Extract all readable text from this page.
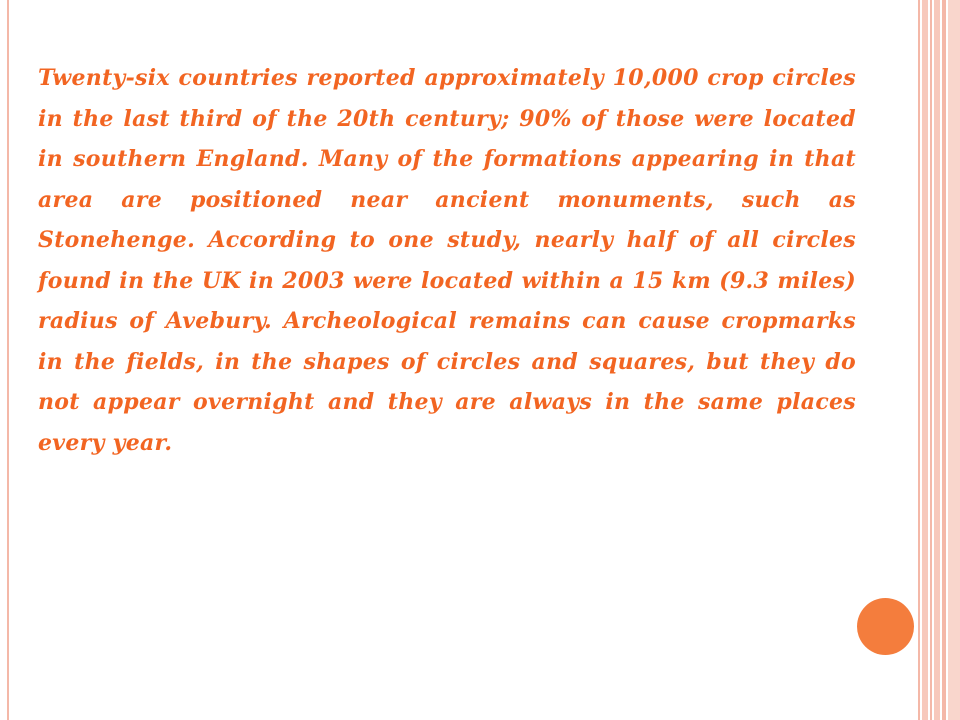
Twenty-six countries reported approximately 10,000 crop circles in the last third of the 20th century; 90% of those were located in southern England. Many of the formations appearing in that area are positioned near ancient monuments, such as Stonehenge. According to one study, nearly half of all circles found in the UK in 2003 were located within a 15 km (9.3 miles) radius of Avebury. Archeological remains can cause cropmarks in the fields, in the shapes of circles and squares, but they do not appear overnight and they are always in the same places every year.
